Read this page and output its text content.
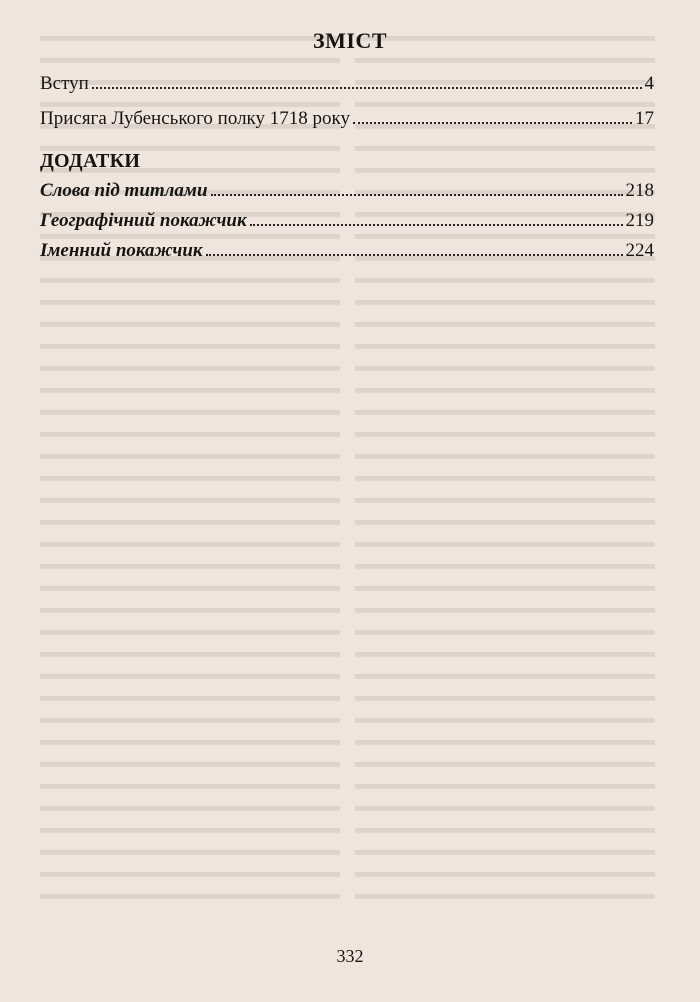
ЗМІСТ
Вступ	4
Присяга Лубенського полку 1718 року	17
ДОДАТКИ
Слова під титлами	218
Географічний покажчик	219
Іменний покажчик	224
332
